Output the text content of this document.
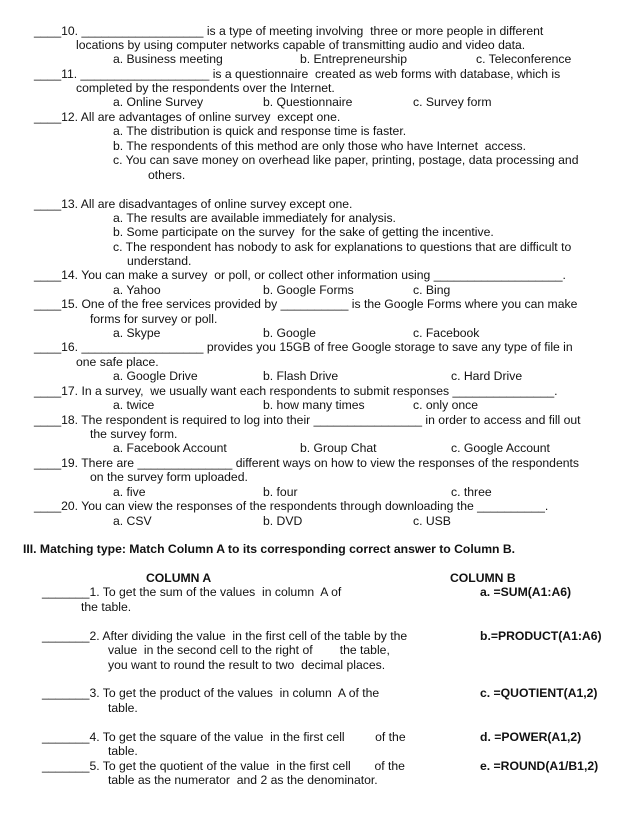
____10. __________________ is a type of meeting involving  three or more people in different
locations by using computer networks capable of transmitting audio and video data.
a. Business meeting	b. Entrepreneurship	c. Teleconference
____11. ___________________ is a questionnaire  created as web forms with database, which is
completed by the respondents over the Internet.
a. Online Survey	b. Questionnaire	c. Survey form
____12. All are advantages of online survey  except one.
a. The distribution is quick and response time is faster.
b. The respondents of this method are only those who have Internet  access.
c. You can save money on overhead like paper, printing, postage, data processing and
others.
____13. All are disadvantages of online survey except one.
a. The results are available immediately for analysis.
b. Some participate on the survey  for the sake of getting the incentive.
c. The respondent has nobody to ask for explanations to questions that are difficult to
understand.
____14. You can make a survey  or poll, or collect other information using ___________________.
a. Yahoo	b. Google Forms	c. Bing
____15. One of the free services provided by __________ is the Google Forms where you can make
forms for survey or poll.
a. Skype	b. Google	c. Facebook
____16. __________________ provides you 15GB of free Google storage to save any type of file in
one safe place.
a. Google Drive	b. Flash Drive	c. Hard Drive
____17. In a survey,  we usually want each respondents to submit responses _______________.
a. twice	b. how many times	c. only once
____18. The respondent is required to log into their ________________ in order to access and fill out
the survey form.
a. Facebook Account	b. Group Chat	c. Google Account
____19. There are ______________ different ways on how to view the responses of the respondents
on the survey form uploaded.
a. five	b. four	c. three
____20. You can view the responses of the respondents through downloading the __________.
a. CSV	b. DVD	c. USB
III. Matching type: Match Column A to its corresponding correct answer to Column B.
COLUMN A	COLUMN B
_______1. To get the sum of the values  in column  A of
the table.
a. =SUM(A1:A6)
_______2. After dividing the value  in the first cell of the table by the
value  in the second cell to the right of        the table,
you want to round the result to two  decimal places.
b.=PRODUCT(A1:A6)
_______3. To get the product of the values  in column  A of the
table.
c. =QUOTIENT(A1,2)
_______4. To get the square of the value  in the first cell         of the
table.
d. =POWER(A1,2)
_______5. To get the quotient of the value  in the first cell       of the
table as the numerator  and 2 as the denominator.
e. =ROUND(A1/B1,2)
